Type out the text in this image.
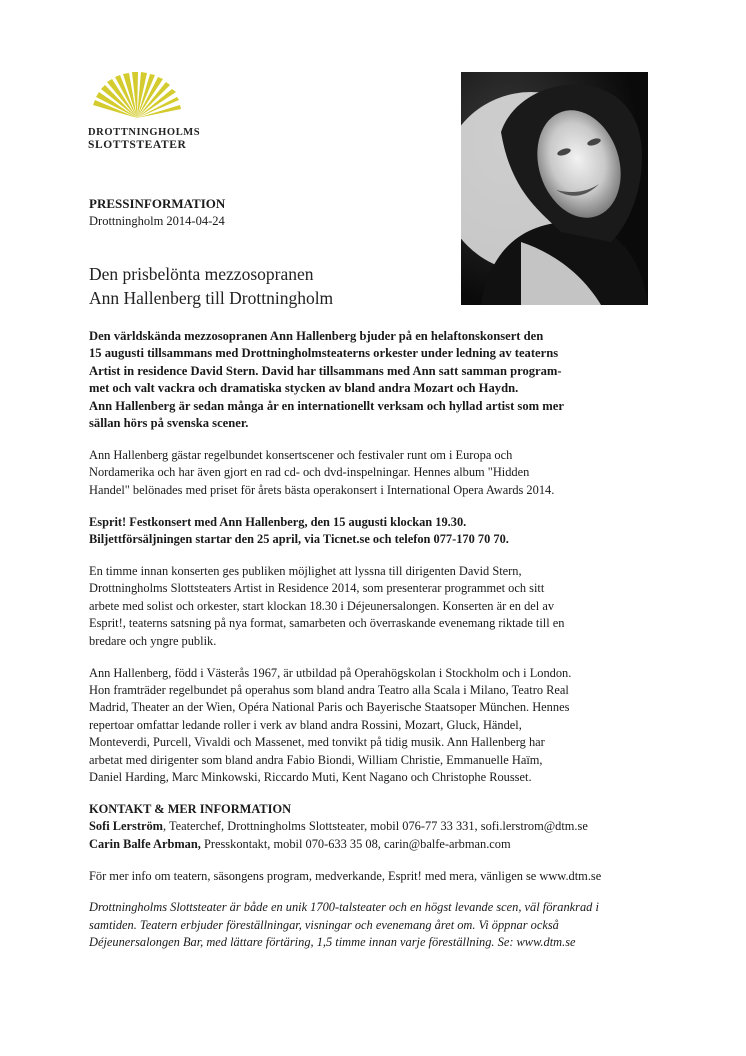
DROTTNINGHOLMS
SLOTTSTEATER
PRESSINFORMATION
Drottningholm 2014-04-24
Den prisbelönta mezzosopranen
Ann Hallenberg till Drottningholm

Den världskända mezzosopranen Ann Hallenberg bjuder på en helaftonskonsert den
15 augusti tillsammans med Drottningholmsteaterns orkester under ledning av teaterns
Artist in residence David Stern. David har tillsammans med Ann satt samman program-
met och valt vackra och dramatiska stycken av bland andra Mozart och Haydn.
Ann Hallenberg är sedan många år en internationellt verksam och hyllad artist som mer
sällan hörs på svenska scener.

Ann Hallenberg gästar regelbundet konsertscener och festivaler runt om i Europa och
Nordamerika och har även gjort en rad cd- och dvd-inspelningar. Hennes album "Hidden
Handel" belönades med priset för årets bästa operakonsert i International Opera Awards 2014.

Esprit! Festkonsert med Ann Hallenberg, den 15 augusti klockan 19.30.
Biljettförsäljningen startar den 25 april, via Ticnet.se och telefon 077-170 70 70.

En timme innan konserten ges publiken möjlighet att lyssna till dirigenten David Stern,
Drottningholms Slottsteaters Artist in Residence 2014, som presenterar programmet och sitt
arbete med solist och orkester, start klockan 18.30 i Déjeunersalongen. Konserten är en del av
Esprit!, teaterns satsning på nya format, samarbeten och överraskande evenemang riktade till en
bredare och yngre publik.

Ann Hallenberg, född i Västerås 1967, är utbildad på Operahögskolan i Stockholm och i London.
Hon framträder regelbundet på operahus som bland andra Teatro alla Scala i Milano, Teatro Real
Madrid, Theater an der Wien, Opéra National Paris och Bayerische Staatsoper München. Hennes
repertoar omfattar ledande roller i verk av bland andra Rossini, Mozart, Gluck, Händel,
Monteverdi, Purcell, Vivaldi och Massenet, med tonvikt på tidig musik. Ann Hallenberg har
arbetat med dirigenter som bland andra Fabio Biondi, William Christie, Emmanuelle Haïm,
Daniel Harding, Marc Minkowski, Riccardo Muti, Kent Nagano och Christophe Rousset.

KONTAKT & MER INFORMATION
Sofi Lerström, Teaterchef, Drottningholms Slottsteater, mobil 076-77 33 331, sofi.lerstrom@dtm.se
Carin Balfe Arbman, Presskontakt, mobil 070-633 35 08, carin@balfe-arbman.com

För mer info om teatern, säsongens program, medverkande, Esprit! med mera, vänligen se www.dtm.se

Drottningholms Slottsteater är både en unik 1700-talsteater och en högst levande scen, väl förankrad i
samtiden. Teatern erbjuder föreställningar, visningar och evenemang året om. Vi öppnar också
Déjeunersalongen Bar, med lättare förtäring, 1,5 timme innan varje föreställning. Se: www.dtm.se
